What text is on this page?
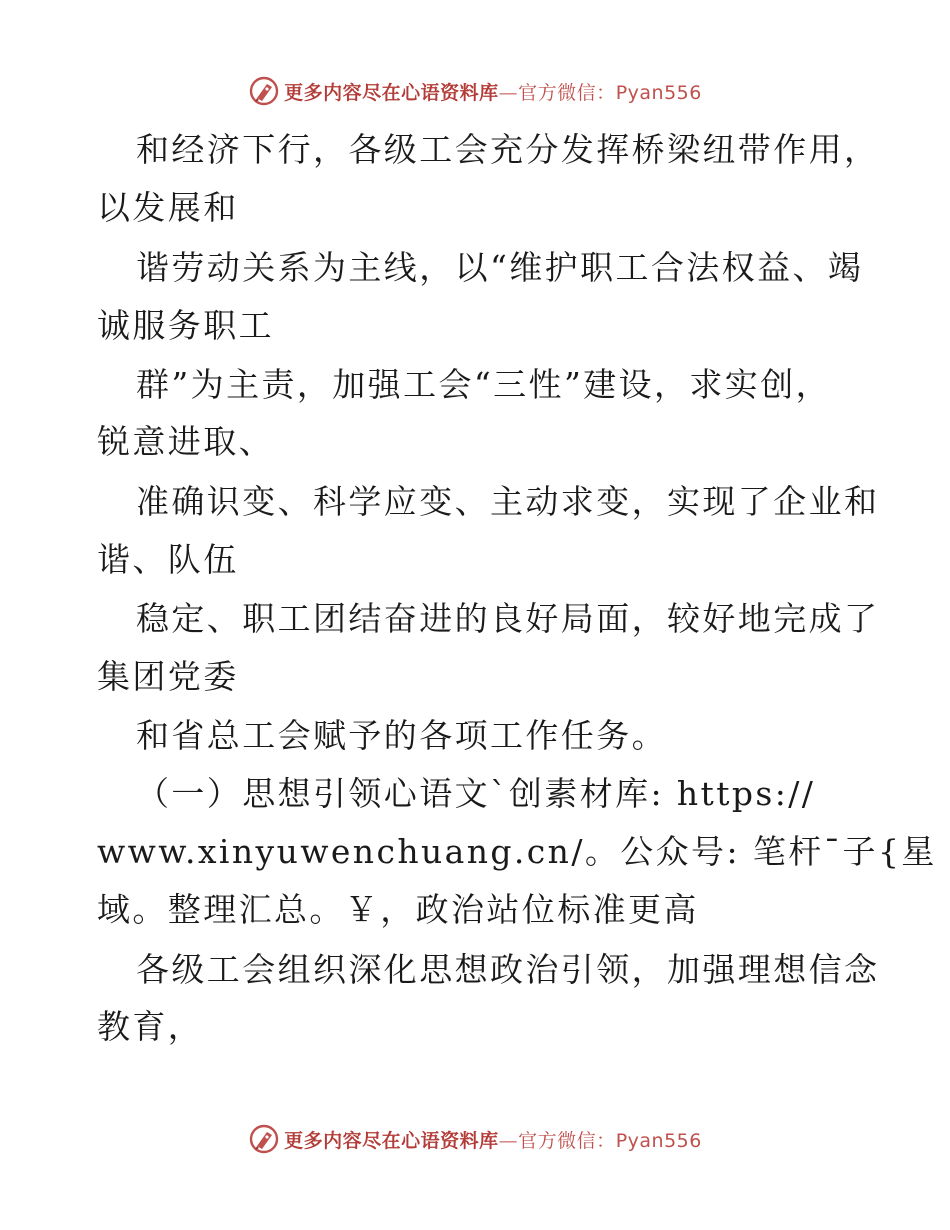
更多内容尽在心语资料库—官方微信：Pyan556
和经济下行，各级工会充分发挥桥梁纽带作用，
以发展和
谐劳动关系为主线，以“维护职工合法权益、竭
诚服务职工
群”为主责，加强工会“三性”建设，求实创，
锐意进取、
准确识变、科学应变、主动求变，实现了企业和
谐、队伍
稳定、职工团结奋进的良好局面，较好地完成了
集团党委
和省总工会赋予的各项工作任务。
（一）思想引领心语文`创素材库: https://
www.xinyuwenchuang.cn/。公众号: 笔杆¯子{星
域。整理汇总。￥，政治站位标准更高
各级工会组织深化思想政治引领，加强理想信念
教育，
更多内容尽在心语资料库—官方微信：Pyan556
